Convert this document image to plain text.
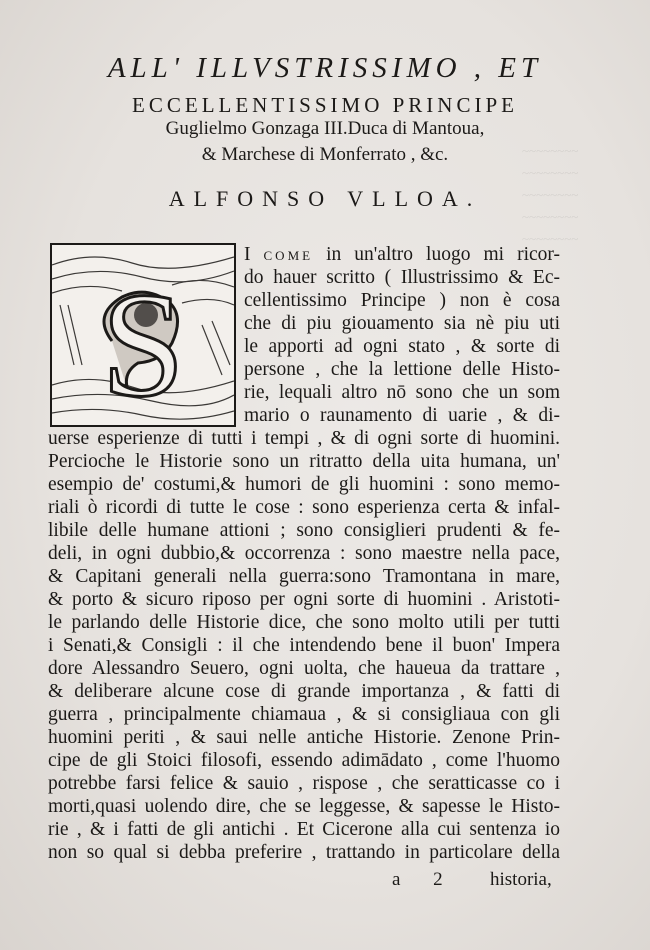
~~~~~~~~
~~~~~~~~
~~~~~~~~
~~~~~~~~
~~~~~~~~
ALL' ILLVSTRISSIMO , ET
ECCELLENTISSIMO PRINCIPE
Guglielmo Gonzaga III.Duca di Mantoua,
& Marchese di Monferrato , &c.
ALFONSO VLLOA.
S
I COME in un'altro luogo mi ricor-
do hauer scritto ( Illustrissimo & Ec-
cellentissimo Principe ) non è cosa
che di piu giouamento sia nè piu uti
le apporti ad ogni stato , & sorte di
persone , che la lettione delle Histo-
rie, lequali altro nō sono che un som
mario o raunamento di uarie , & di-
uerse esperienze di tutti i tempi , & di ogni sorte di huomini.
Percioche le Historie sono un ritratto della uita humana, un'
esempio de' costumi,& humori de gli huomini : sono memo-
riali ò ricordi di tutte le cose : sono esperienza certa & infal-
libile delle humane attioni ; sono consiglieri prudenti & fe-
deli, in ogni dubbio,& occorrenza : sono maestre nella pace,
& Capitani generali nella guerra:sono Tramontana in mare,
& porto & sicuro riposo per ogni sorte di huomini . Aristoti-
le parlando delle Historie dice, che sono molto utili per tutti
i Senati,& Consigli : il che intendendo bene il buon' Impera
dore Alessandro Seuero, ogni uolta, che haueua da trattare ,
& deliberare alcune cose di grande importanza , & fatti di
guerra , principalmente chiamaua , & si consigliaua con gli
huomini periti , & saui nelle antiche Historie. Zenone Prin-
cipe de gli Stoici filosofi, essendo adimādato , come l'huomo
potrebbe farsi felice & sauio , rispose , che seratticasse co i
morti,quasi uolendo dire, che se leggesse, & sapesse le Histo-
rie , & i fatti de gli antichi . Et Cicerone alla cui sentenza io
non so qual si debba preferire , trattando in particolare della
a 2 historia,
